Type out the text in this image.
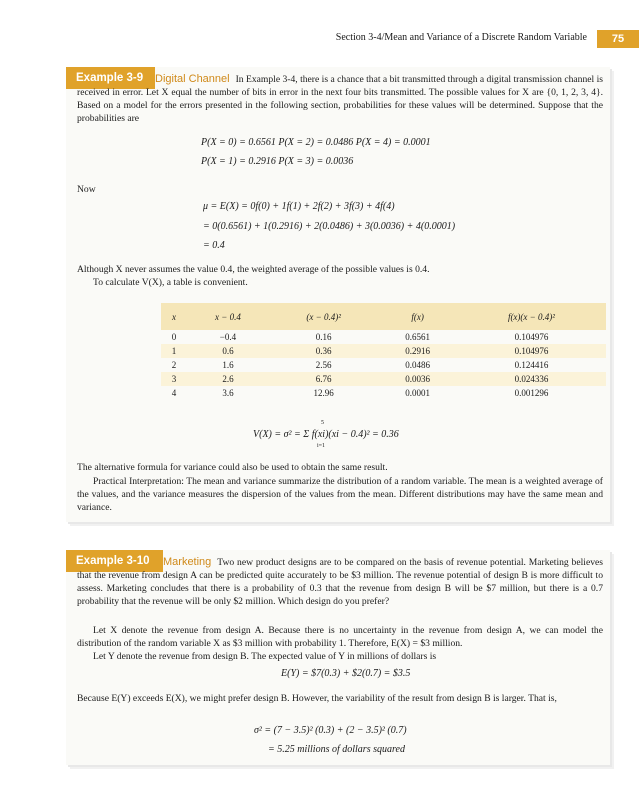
Section 3-4/Mean and Variance of a Discrete Random Variable	75
Example 3-9	Digital Channel In Example 3-4, there is a chance that a bit transmitted through a digital transmission channel is received in error. Let X equal the number of bits in error in the next four bits transmitted. The possible values for X are {0, 1, 2, 3, 4}. Based on a model for the errors presented in the following section, probabilities for these values will be determined. Suppose that the probabilities are

P(X = 0) = 0.6561 P(X = 2) = 0.0486 P(X = 4) = 0.0001
P(X = 1) = 0.2916 P(X = 3) = 0.0036

Now

μ = E(X) = 0f(0) + 1f(1) + 2f(2) + 3f(3) + 4f(4)
= 0(0.6561) + 1(0.2916) + 2(0.0486) + 3(0.0036) + 4(0.0001)
= 0.4

Although X never assumes the value 0.4, the weighted average of the possible values is 0.4.

To calculate V(X), a table is convenient.

x	x − 0.4	(x − 0.4)²	f(x)	f(x)(x − 0.4)²
0	−0.4	0.16	0.6561	0.104976
1	0.6	0.36	0.2916	0.104976
2	1.6	2.56	0.0486	0.124416
3	2.6	6.76	0.0036	0.024336
4	3.6	12.96	0.0001	0.001296
V(X) = σ² = Σ f(xi)(xi − 0.4)² = 0.36
5
i=1

The alternative formula for variance could also be used to obtain the same result.

Practical Interpretation: The mean and variance summarize the distribution of a random variable. The mean is a weighted average of the values, and the variance measures the dispersion of the values from the mean. Different distributions may have the same mean and variance.

Example 3-10	Marketing Two new product designs are to be compared on the basis of revenue potential. Marketing believes that the revenue from design A can be predicted quite accurately to be $3 million. The revenue potential of design B is more difficult to assess. Marketing concludes that there is a probability of 0.3 that the revenue from design B will be $7 million, but there is a 0.7 probability that the revenue will be only $2 million. Which design do you prefer?

Let X denote the revenue from design A. Because there is no uncertainty in the revenue from design A, we can model the distribution of the random variable X as $3 million with probability 1. Therefore, E(X) = $3 million.

Let Y denote the revenue from design B. The expected value of Y in millions of dollars is

E(Y) = $7(0.3) + $2(0.7) = $3.5

Because E(Y) exceeds E(X), we might prefer design B. However, the variability of the result from design B is larger. That is,

σ² = (7 − 3.5)² (0.3) + (2 − 3.5)² (0.7)
= 5.25 millions of dollars squared
